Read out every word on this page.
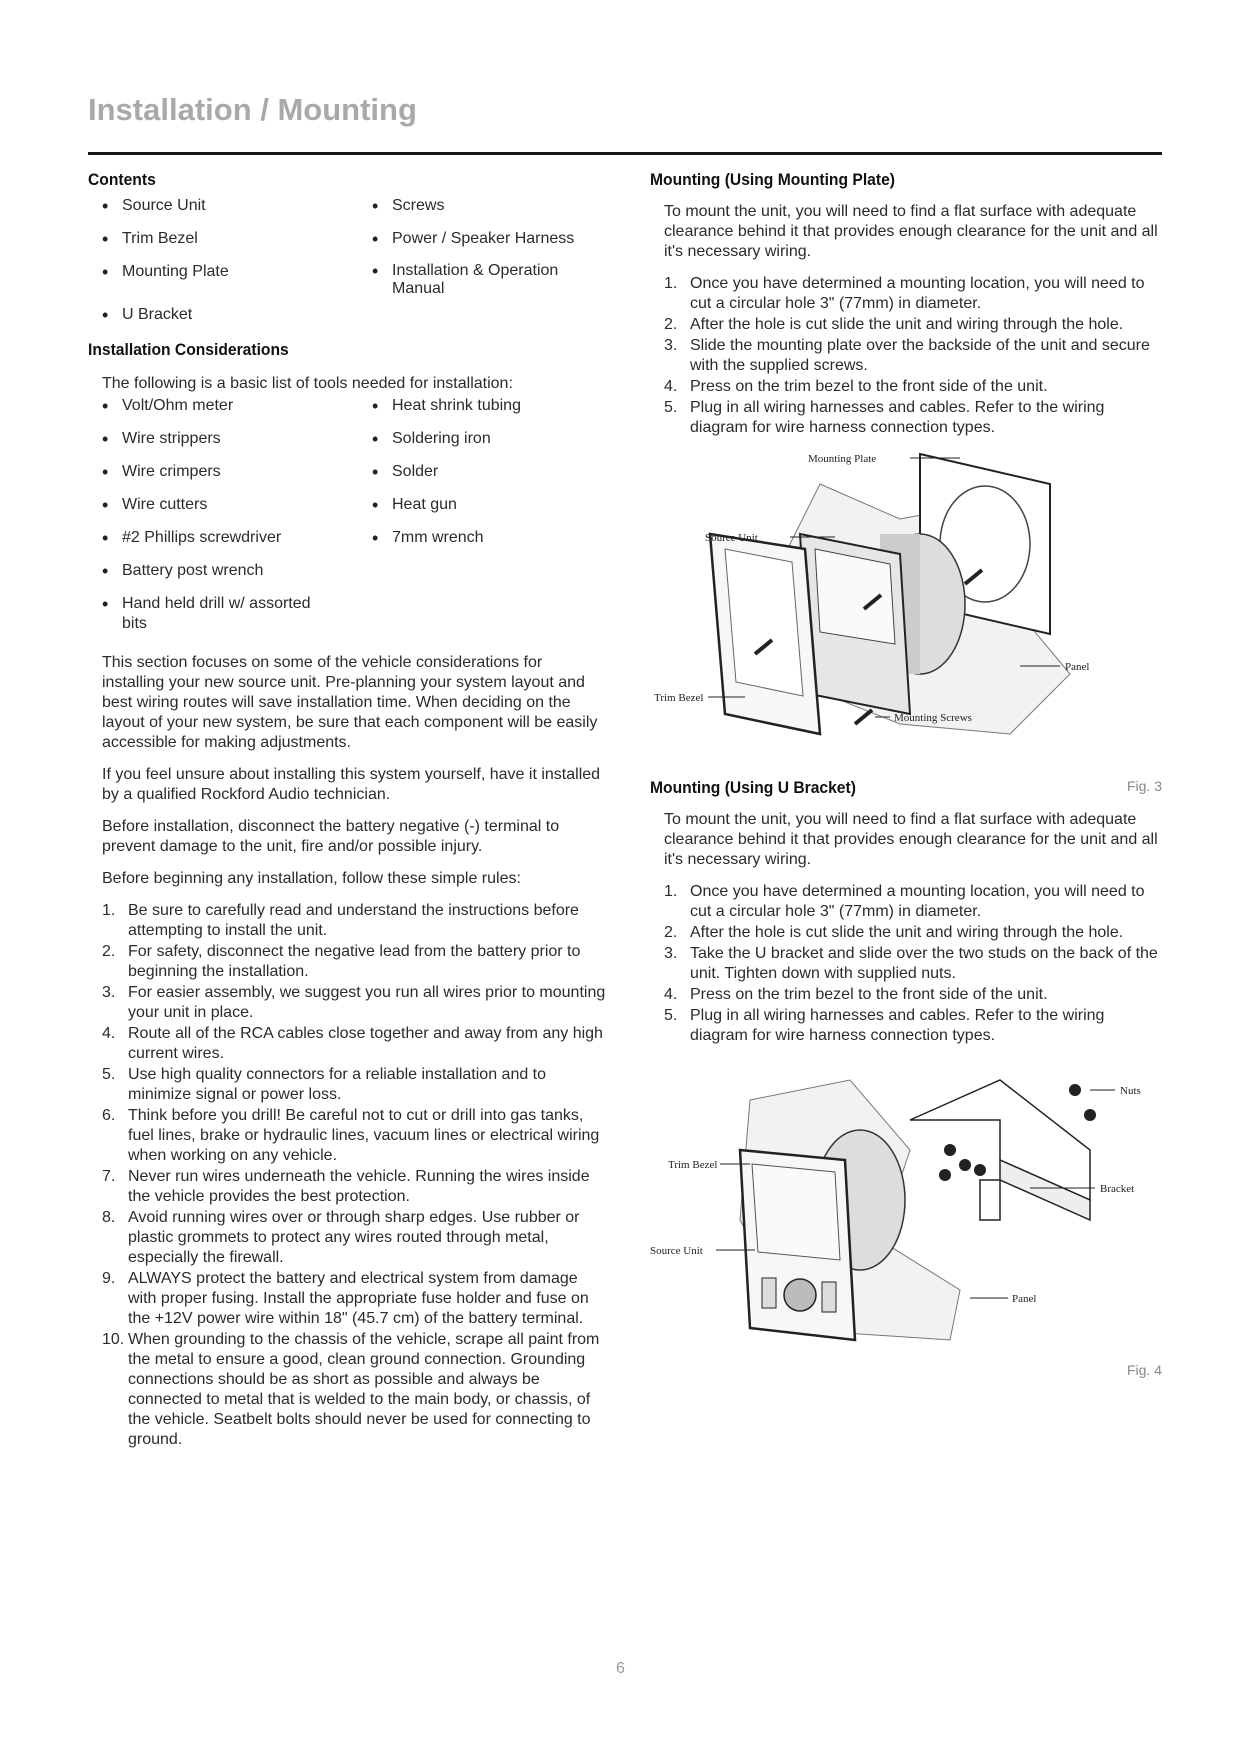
Installation / Mounting
Contents
• Source Unit	• Screws
• Trim Bezel	• Power / Speaker Harness
• Mounting Plate	• Installation & Operation Manual
• U Bracket
Installation Considerations

The following is a basic list of tools needed for installation:

• Volt/Ohm meter	• Heat shrink tubing
• Wire strippers	• Soldering iron
• Wire crimpers	• Solder
• Wire cutters	• Heat gun
• #2 Phillips screwdriver	• 7mm wrench
• Battery post wrench
• Hand held drill w/ assorted bits

This section focuses on some of the vehicle considerations for installing your new source unit. Pre-planning your system layout and best wiring routes will save installation time. When deciding on the layout of your new system, be sure that each component will be easily accessible for making adjustments.

If you feel unsure about installing this system yourself, have it installed by a qualified Rockford Audio technician.

Before installation, disconnect the battery negative (-) terminal to prevent damage to the unit, fire and/or possible injury.

Before beginning any installation, follow these simple rules:

1. Be sure to carefully read and understand the instructions before attempting to install the unit.
2. For safety, disconnect the negative lead from the battery prior to beginning the installation.
3. For easier assembly, we suggest you run all wires prior to mounting your unit in place.
4. Route all of the RCA cables close together and away from any high current wires.
5. Use high quality connectors for a reliable installation and to minimize signal or power loss.
6. Think before you drill! Be careful not to cut or drill into gas tanks, fuel lines, brake or hydraulic lines, vacuum lines or electrical wiring when working on any vehicle.
7. Never run wires underneath the vehicle. Running the wires inside the vehicle provides the best protection.
8. Avoid running wires over or through sharp edges. Use rubber or plastic grommets to protect any wires routed through metal, especially the firewall.
9. ALWAYS protect the battery and electrical system from damage with proper fusing. Install the appropriate fuse holder and fuse on the +12V power wire within 18" (45.7 cm) of the battery terminal.
10. When grounding to the chassis of the vehicle, scrape all paint from the metal to ensure a good, clean ground connection. Grounding connections should be as short as possible and always be connected to metal that is welded to the main body, or chassis, of the vehicle. Seatbelt bolts should never be used for connecting to ground.
Mounting (Using Mounting Plate)

To mount the unit, you will need to find a flat surface with adequate clearance behind it that provides enough clearance for the unit and all it's necessary wiring.

1. Once you have determined a mounting location, you will need to cut a circular hole 3" (77mm) in diameter.
2. After the hole is cut slide the unit and wiring through the hole.
3. Slide the mounting plate over the backside of the unit and secure with the supplied screws.
4. Press on the trim bezel to the front side of the unit.
5. Plug in all wiring harnesses and cables. Refer to the wiring diagram for wire harness connection types.
Mounting Plate
Source Unit
Panel
Trim Bezel
Mounting Screws
Fig. 3
Mounting (Using U Bracket)

To mount the unit, you will need to find a flat surface with adequate clearance behind it that provides enough clearance for the unit and all it's necessary wiring.

1. Once you have determined a mounting location, you will need to cut a circular hole 3" (77mm) in diameter.
2. After the hole is cut slide the unit and wiring through the hole.
3. Take the U bracket and slide over the two studs on the back of the unit. Tighten down with supplied nuts.
4. Press on the trim bezel to the front side of the unit.
5. Plug in all wiring harnesses and cables. Refer to the wiring diagram for wire harness connection types.
Nuts
Trim Bezel
Bracket
Source Unit
Panel
Fig. 4
6
